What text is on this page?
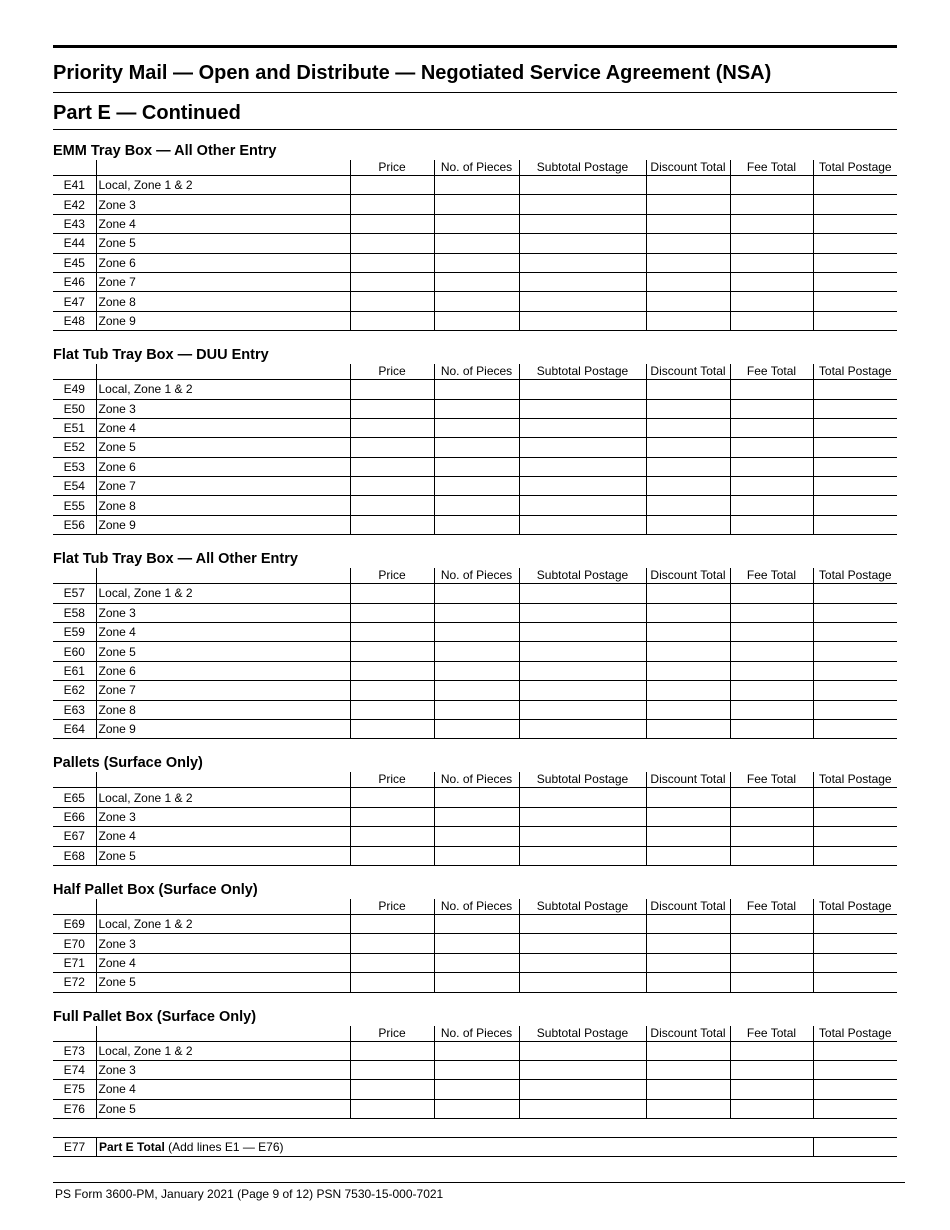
Priority Mail — Open and Distribute — Negotiated Service Agreement (NSA)
Part E — Continued
EMM Tray Box — All Other Entry
		Price	No. of Pieces	Subtotal Postage	Discount Total	Fee Total	Total Postage
E41	Local, Zone 1 & 2						
E42	Zone 3						
E43	Zone 4						
E44	Zone 5						
E45	Zone 6						
E46	Zone 7						
E47	Zone 8						
E48	Zone 9						
Flat Tub Tray Box — DUU Entry
		Price	No. of Pieces	Subtotal Postage	Discount Total	Fee Total	Total Postage
E49	Local, Zone 1 & 2						
E50	Zone 3						
E51	Zone 4						
E52	Zone 5						
E53	Zone 6						
E54	Zone 7						
E55	Zone 8						
E56	Zone 9						
Flat Tub Tray Box — All Other Entry
		Price	No. of Pieces	Subtotal Postage	Discount Total	Fee Total	Total Postage
E57	Local, Zone 1 & 2						
E58	Zone 3						
E59	Zone 4						
E60	Zone 5						
E61	Zone 6						
E62	Zone 7						
E63	Zone 8						
E64	Zone 9						
Pallets (Surface Only)
		Price	No. of Pieces	Subtotal Postage	Discount Total	Fee Total	Total Postage
E65	Local, Zone 1 & 2						
E66	Zone 3						
E67	Zone 4						
E68	Zone 5						
Half Pallet Box (Surface Only)
		Price	No. of Pieces	Subtotal Postage	Discount Total	Fee Total	Total Postage
E69	Local, Zone 1 & 2						
E70	Zone 3						
E71	Zone 4						
E72	Zone 5						
Full Pallet Box (Surface Only)
		Price	No. of Pieces	Subtotal Postage	Discount Total	Fee Total	Total Postage
E73	Local, Zone 1 & 2						
E74	Zone 3						
E75	Zone 4						
E76	Zone 5						
E77	Part E Total (Add lines E1 — E76)
PS Form 3600-PM, January 2021 (Page 9 of 12) PSN 7530-15-000-7021
